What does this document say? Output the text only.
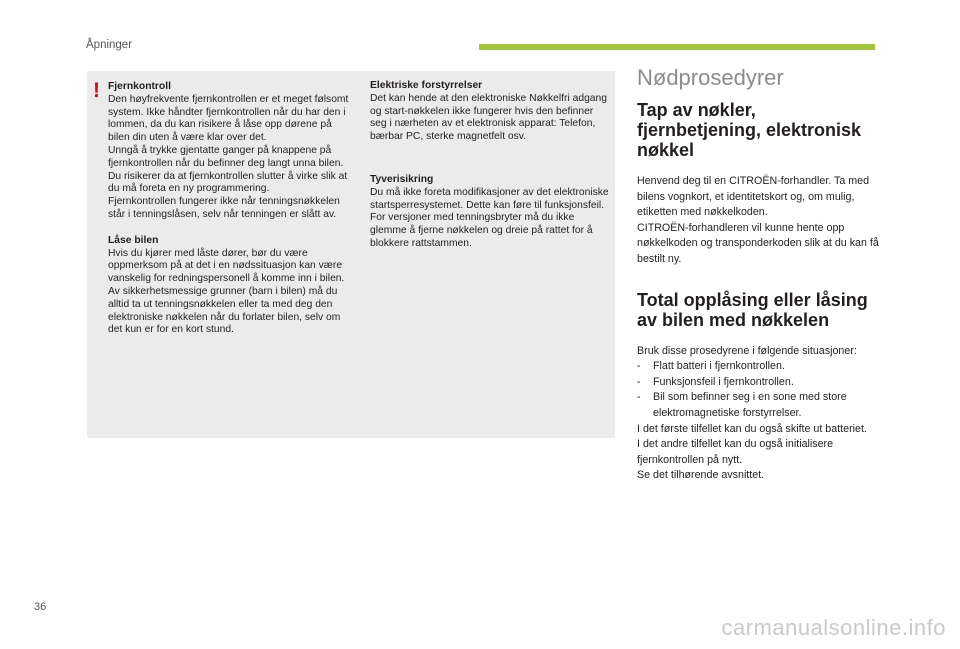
Åpninger
! Fjernkontroll
Den høyfrekvente fjernkontrollen er et meget følsomt system. Ikke håndter fjernkontrollen når du har den i lommen, da du kan risikere å låse opp dørene på bilen din uten å være klar over det.
Unngå å trykke gjentatte ganger på knappene på fjernkontrollen når du befinner deg langt unna bilen. Du risikerer da at fjernkontrollen slutter å virke slik at du må foreta en ny programmering.
Fjernkontrollen fungerer ikke når tenningsnøkkelen står i tenningslåsen, selv når tenningen er slått av.
Låse bilen
Hvis du kjører med låste dører, bør du være oppmerksom på at det i en nødssituasjon kan være vanskelig for redningspersonell å komme inn i bilen.
Av sikkerhetsmessige grunner (barn i bilen) må du alltid ta ut tenningsnøkkelen eller ta med deg den elektroniske nøkkelen når du forlater bilen, selv om det kun er for en kort stund.
Elektriske forstyrrelser
Det kan hende at den elektroniske Nøkkelfri adgang og start-nøkkelen ikke fungerer hvis den befinner seg i nærheten av et elektronisk apparat: Telefon, bærbar PC, sterke magnetfelt osv.
Tyverisikring
Du må ikke foreta modifikasjoner av det elektroniske startsperresystemet. Dette kan føre til funksjonsfeil.
For versjoner med tenningsbryter må du ikke glemme å fjerne nøkkelen og dreie på rattet for å blokkere rattstammen.
Nødprosedyrer
Tap av nøkler, fjernbetjening, elektronisk nøkkel

Henvend deg til en CITROËN-forhandler. Ta med bilens vognkort, et identitetskort og, om mulig, etiketten med nøkkelkoden.
CITROËN-forhandleren vil kunne hente opp nøkkelkoden og transponderkoden slik at du kan få bestilt ny.

Total opplåsing eller låsing av bilen med nøkkelen

Bruk disse prosedyrene i følgende situasjoner:

- Flatt batteri i fjernkontrollen.
- Funksjonsfeil i fjernkontrollen.
- Bil som befinner seg i en sone med store elektromagnetiske forstyrrelser.

I det første tilfellet kan du også skifte ut batteriet.
I det andre tilfellet kan du også initialisere fjernkontrollen på nytt.
Se det tilhørende avsnittet.

36
carmanualsonline.info
